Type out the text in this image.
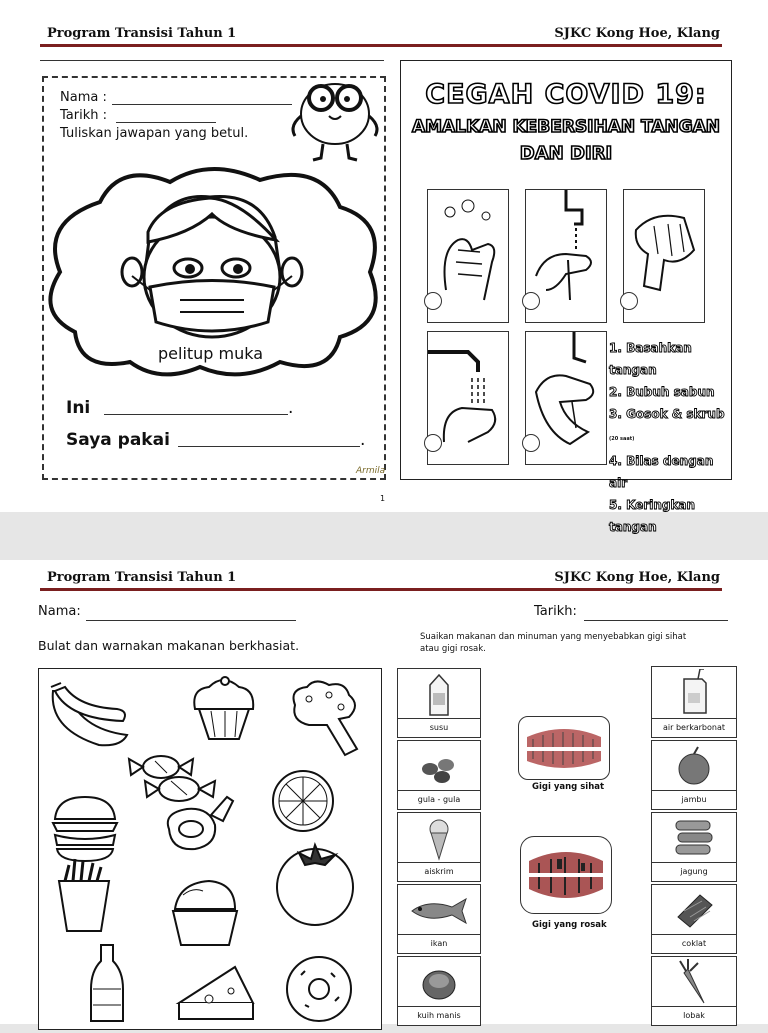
Program Transisi Tahun 1	SJKC Kong Hoe, Klang
Nama :
Tarikh :
Tuliskan jawapan yang betul.
pelitup muka
Ini	.
Saya pakai	.
Armila
CEGAH COVID 19:
AMALKAN KEBERSIHAN TANGAN
DAN DIRI
1. Basahkan tangan
2. Bubuh sabun
3. Gosok & skrub (20 saat)
4. Bilas dengan air
5. Keringkan tangan
1
Program Transisi Tahun 1	SJKC Kong Hoe, Klang
Nama:	Tarikh:
Bulat dan warnakan makanan berkhasiat.
Suaikan makanan dan minuman yang menyebabkan gigi sihat
atau gigi rosak.
susu
gula - gula
aiskrim
ikan
kuih manis
Gigi yang sihat
Gigi yang rosak
air berkarbonat
jambu
jagung
coklat
lobak
